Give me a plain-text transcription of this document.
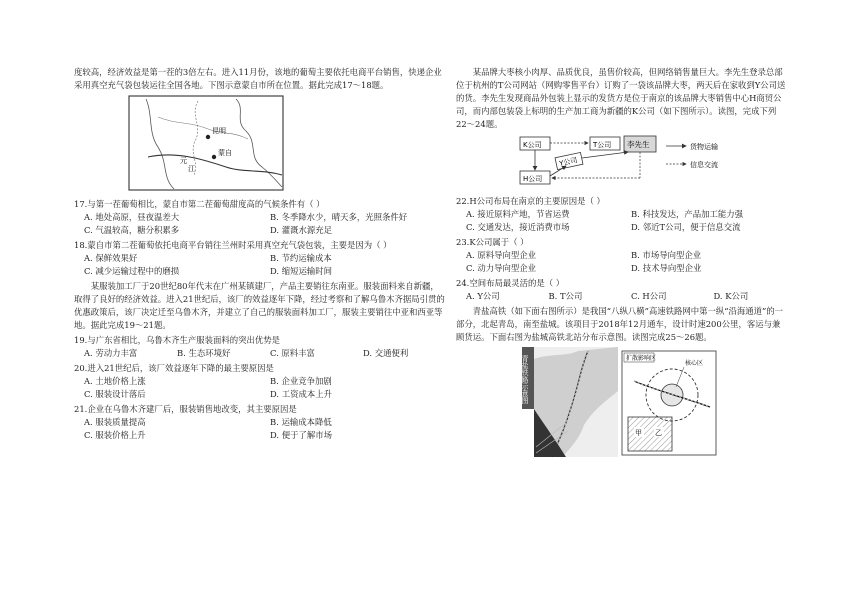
度较高，经济效益是第一茬的3倍左右。进入11月份，该地的葡萄主要依托电商平台销售，快递企业

采用真空充气袋包装运往全国各地。下图示意蒙自市所在位置。据此完成17～18题。

昆明
蒙自
元
江

17.与第一茬葡萄相比，蒙自市第二茬葡萄甜度高的气候条件有（ ）

A. 地处高原，昼夜温差大	B. 冬季降水少，晴天多，光照条件好
C. 气温较高，糖分积累多	D. 灌溉水源充足

18.蒙自市第二茬葡萄依托电商平台销往兰州时采用真空充气袋包装，主要是因为（ ）

A. 保鲜效果好	B. 节约运输成本
C. 减少运输过程中的磨损	D. 缩短运输时间

某服装加工厂于20世纪80年代末在广州某镇建厂，产品主要销往东南亚。服装面料来自新疆，取得了良好的经济效益。进入21世纪后，该厂的效益逐年下降，经过考察和了解乌鲁木齐据局引贯的优惠政策后，该厂决定迁至乌鲁木齐，并建立了自己的服装面料加工厂，服装主要销往中亚和西亚等地。据此完成19～21题。

19.与广东省相比，乌鲁木齐生产服装面料的突出优势是

A. 劳动力丰富	B. 生态环境好	C. 原料丰富	D. 交通便利

20.进入21世纪后，该厂效益逐年下降的最主要原因是

A. 土地价格上涨	B. 企业竞争加剧
C. 服装设计落后	D. 工资成本上升

21.企业在乌鲁木齐建厂后，服装销售地改变，其主要原因是

A. 服装质量提高	B. 运输成本降低
C. 服装价格上升	D. 便于了解市场

某品牌大枣核小肉厚、品质优良，虽售价较高，但网络销售量巨大。李先生登录总部位于杭州的T公司网站（网购零售平台）订购了一袋该品牌大枣，两天后在家收到Y公司送的货。李先生发现商品外包装上显示的发货方是位于南京的该品牌大枣销售中心H商贸公司，而内部包装袋上标明的生产加工商为新疆的K公司（如下图所示）。读图，完成下列22～24题。

K公司	T公司
Y公司
H公司
李先生	货物运输
信息交流

22.H公司布局在南京的主要原因是（ ）

A. 接近原料产地，节省运费	B. 科技发达，产品加工能力强
C. 交通发达，接近消费市场	D. 邻近T公司，便于信息交流

23.K公司属于（ ）

A. 原料导向型企业	B. 市场导向型企业
C. 动力导向型企业	D. 技术导向型企业

24.空间布局最灵活的是（ ）

A. Y公司	B. T公司	C. H公司	D. K公司

青盐高铁（如下面右图所示）是我国“八纵八横”高速铁路网中第一纵“沿海通道”的一部分，北起青岛，南至盐城。该项目于2018年12月通车，设计时速200公里，客运与兼顾货运。下面右图为盐城高铁北站分布示意图。读图完成25～26题。

青盐铁路示意图	扩散影响区
核心区
甲 乙
